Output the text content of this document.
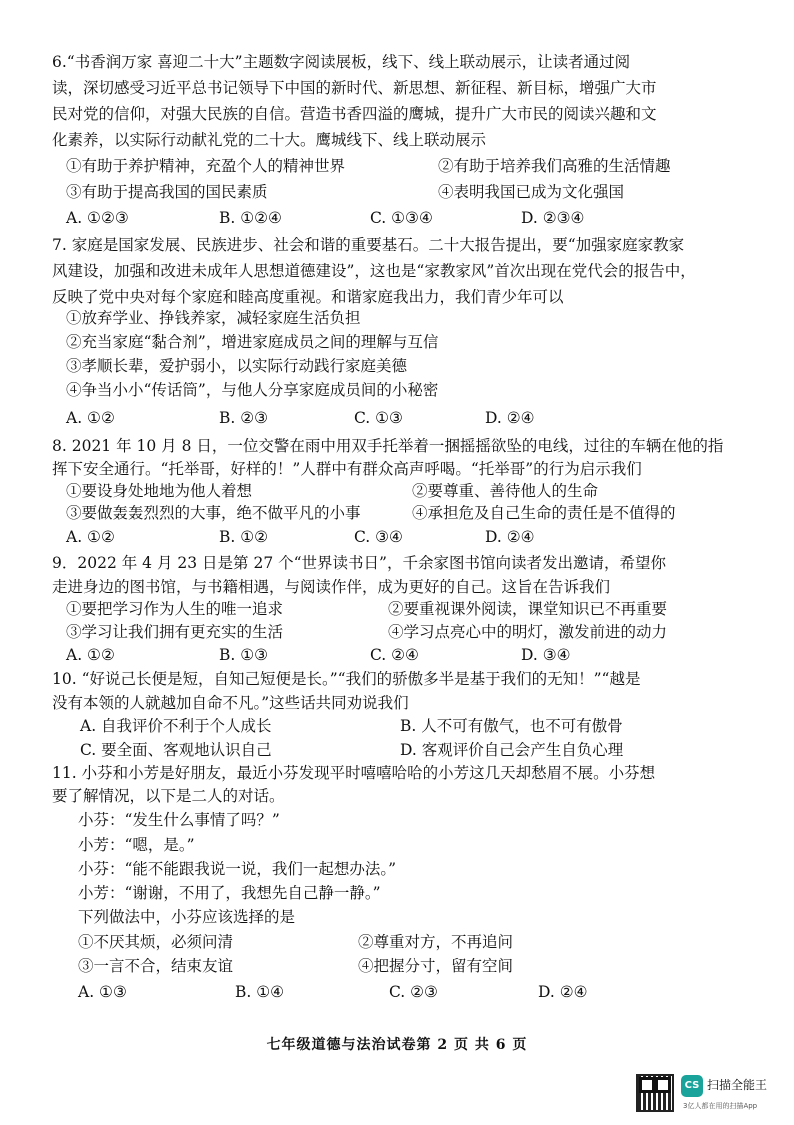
6.“书香润万家 喜迎二十大”主题数字阅读展板，线下、线上联动展示，让读者通过阅
读，深切感受习近平总书记领导下中国的新时代、新思想、新征程、新目标，增强广大市
民对党的信仰，对强大民族的自信。营造书香四溢的鹰城，提升广大市民的阅读兴趣和文
化素养，以实际行动献礼党的二十大。鹰城线下、线上联动展示
①有助于养护精神，充盈个人的精神世界	②有助于培养我们高雅的生活情趣
③有助于提高我国的国民素质	④表明我国已成为文化强国
A. ①②③	B. ①②④	C. ①③④	D. ②③④
7. 家庭是国家发展、民族进步、社会和谐的重要基石。二十大报告提出，要“加强家庭家教家
风建设，加强和改进未成年人思想道德建设”，这也是“家教家风”首次出现在党代会的报告中，
反映了党中央对每个家庭和睦高度重视。和谐家庭我出力，我们青少年可以
①放弃学业、挣钱养家，减轻家庭生活负担
②充当家庭“黏合剂”，增进家庭成员之间的理解与互信
③孝顺长辈，爱护弱小，以实际行动践行家庭美德
④争当小小“传话筒”，与他人分享家庭成员间的小秘密
A. ①②	B. ②③	C. ①③	D. ②④
8. 2021 年 10 月 8 日，一位交警在雨中用双手托举着一捆摇摇欲坠的电线，过往的车辆在他的指
挥下安全通行。“托举哥，好样的！”人群中有群众高声呼喝。“托举哥”的行为启示我们
①要设身处地地为他人着想	②要尊重、善待他人的生命
③要做轰轰烈烈的大事，绝不做平凡的小事	④承担危及自己生命的责任是不值得的
A. ①②	B. ①②	C. ③④	D. ②④
9．2022 年 4 月 23 日是第 27 个“世界读书日”，千余家图书馆向读者发出邀请，希望你
走进身边的图书馆，与书籍相遇，与阅读作伴，成为更好的自己。这旨在告诉我们
①要把学习作为人生的唯一追求	②要重视课外阅读，课堂知识已不再重要
③学习让我们拥有更充实的生活	④学习点亮心中的明灯，激发前进的动力
A. ①②	B. ①③	C. ②④	D. ③④
10. “好说己长便是短，自知己短便是长。”“我们的骄傲多半是基于我们的无知！”“越是
没有本领的人就越加自命不凡。”这些话共同劝说我们
A. 自我评价不利于个人成长	B. 人不可有傲气，也不可有傲骨
C. 要全面、客观地认识自己	D. 客观评价自己会产生自负心理
11. 小芬和小芳是好朋友，最近小芬发现平时嘻嘻哈哈的小芳这几天却愁眉不展。小芬想
要了解情况，以下是二人的对话。
小芬：“发生什么事情了吗？”
小芳：“嗯，是。”
小芬：“能不能跟我说一说，我们一起想办法。”
小芳：“谢谢，不用了，我想先自己静一静。”
下列做法中，小芬应该选择的是
①不厌其烦，必须问清	②尊重对方，不再追问
③一言不合，结束友谊	④把握分寸，留有空间
A. ①③	B. ①④	C. ②③	D. ②④
七年级道德与法治试卷第 2 页 共 6 页
CS 扫描全能王
3亿人都在用的扫描App
